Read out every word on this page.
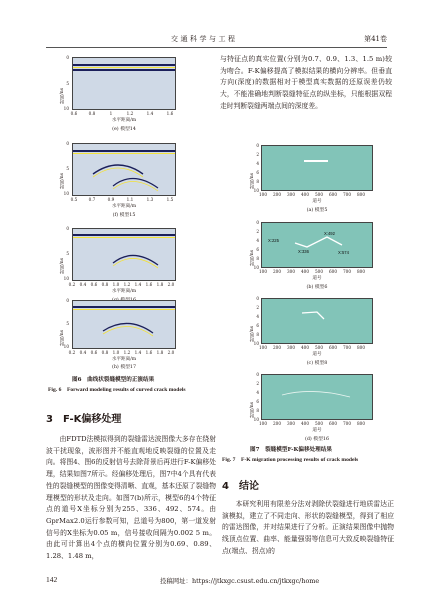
交通科学与工程	第41卷
时间/ns
0
5
10
0.6	0.8	1	1.2	1.4	1.6
水平距离/m
(e) 模型14
时间/ns
0
5
10
0.5	0.7	0.9	1.1	1.3	1.5
水平距离/m
(f) 模型15
时间/ns
0
5
10
0.2	0.4	0.6	0.8	1.0	1.2	1.4	1.6	1.8	2.0
水平距离/m
时间/ns
0
5
10
0.2	0.4	0.6	0.8	1.0	1.2	1.4	1.6	1.8	2.0
水平距离/m
(h) 模型17
图6　曲线状裂缝模型的正演结果
Fig. 6　Forward modeling results of curved crack models
3　F-K偏移处理
由FDTD法模拟得到的裂缝雷达波图像大多存在绕射波干扰现象，波形图并不能直观地反映裂缝的位置及走向。将图4、图6的反射信号去除背景后再进行F-K偏移处理，结果如图7所示。经偏移处理后，图7中4个具有代表性的裂缝模型的图像变得清晰、直观，基本还原了裂缝物理模型的形状及走向。如图7(b)所示，模型6的4个特征点的道号X坐标分别为255、336、492、574。由GprMax2.0运行参数可知，总道号为800，第一道发射信号的X坐标为0.05 m，信号接收间隔为0.002 5 m。由此可计算出4个点的横向位置分别为0.69、0.89、1.28、1.48 m，
与特征点的真实位置(分别为0.7、0.9、1.3、1.5 m)较为吻合。F-K偏移提高了模拟结果的横向分辨率。但垂直方向(深度)的数据相对于模型真实数据的还原误差仍较大，不能准确地判断裂缝特征点的纵坐标，只能根据双程走时判断裂缝两端点间的深度差。
时间/ns
0
2
4
6
8
10
100	200	300	400	500	600	700	800
道号
(a) 模型5
时间/ns
0
2
4
6
8
10
X:225
X:336
X:492
X:574
100	200	300	400	500	600	700	800
道号
(b) 模型6
时间/ns
0
2
4
6
8
10
100	200	300	400	500	600	700	800
道号
(c) 模型8
时间/ns
0
2
4
6
8
10
100	200	300	400	500	600	700	800
道号
(d) 模型16
图7　裂缝模型F-K偏移处理结果
Fig. 7　F-K migration processing results of crack models
4　结论
本研究利用有限差分法对剥除伏裂缝进行地质雷达正演模拟，建立了不同走向、形状的裂缝模型，得到了相应的雷达图像，并对结果进行了分析。正演结果图像中抛物线顶点位置、曲率、能量强弱等信息可大致反映裂缝特征点(端点、拐点)的
142	投稿网址：https://jtkxgc.csust.edu.cn/jtkxgc/home
